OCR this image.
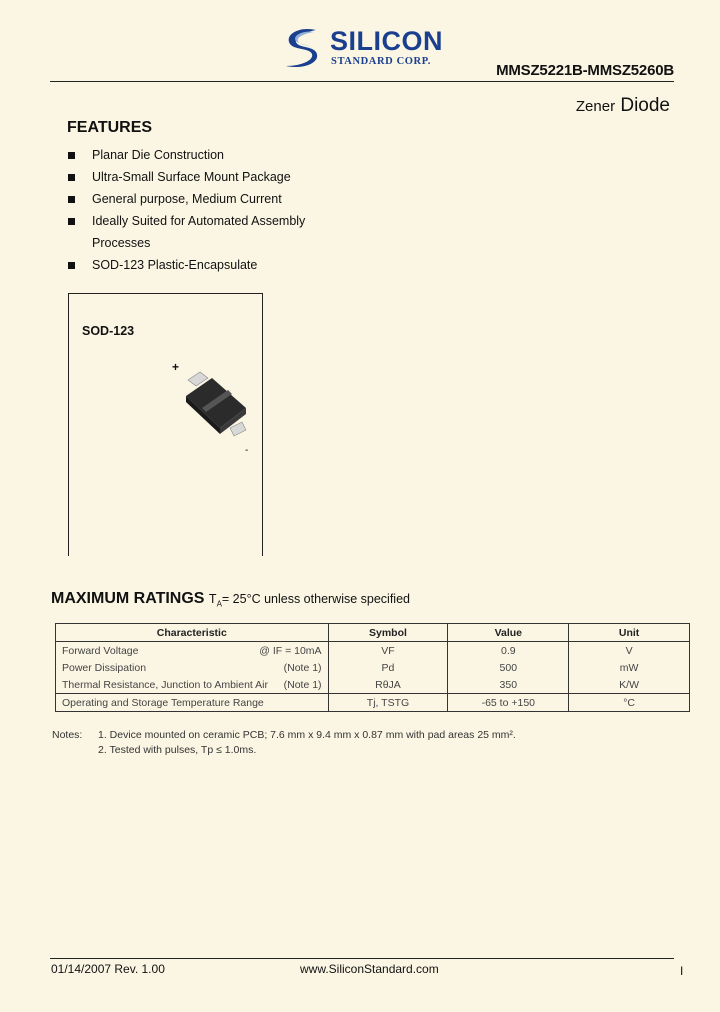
SILICON
STANDARD CORP.
MMSZ5221B-MMSZ5260B
Zener Diode
FEATURES
Planar Die Construction
Ultra-Small Surface Mount Package
General purpose, Medium Current
Ideally Suited for Automated Assembly
Processes
SOD-123 Plastic-Encapsulate
SOD-123
+
-
MAXIMUM RATINGS $T_A= 25^\circ C$ unless otherwise specified
Characteristic	Symbol	Value	Unit

Forward Voltage @ IF = 10mA	VF	0.9	V

Power Dissipation (Note 1)	Pd	500	mW

Thermal Resistance, Junction to Ambient Air (Note 1)	RθJA	350	K/W

Operating and Storage Temperature Range	Tj, TSTG	-65 to +150	°C
Notes: 1. Device mounted on ceramic PCB; 7.6 mm x 9.4 mm x 0.87 mm with pad areas 25 mm².
2. Tested with pulses, Tp ≤ 1.0ms.
01/14/2007 Rev. 1.00	www.SiliconStandard.com	I
